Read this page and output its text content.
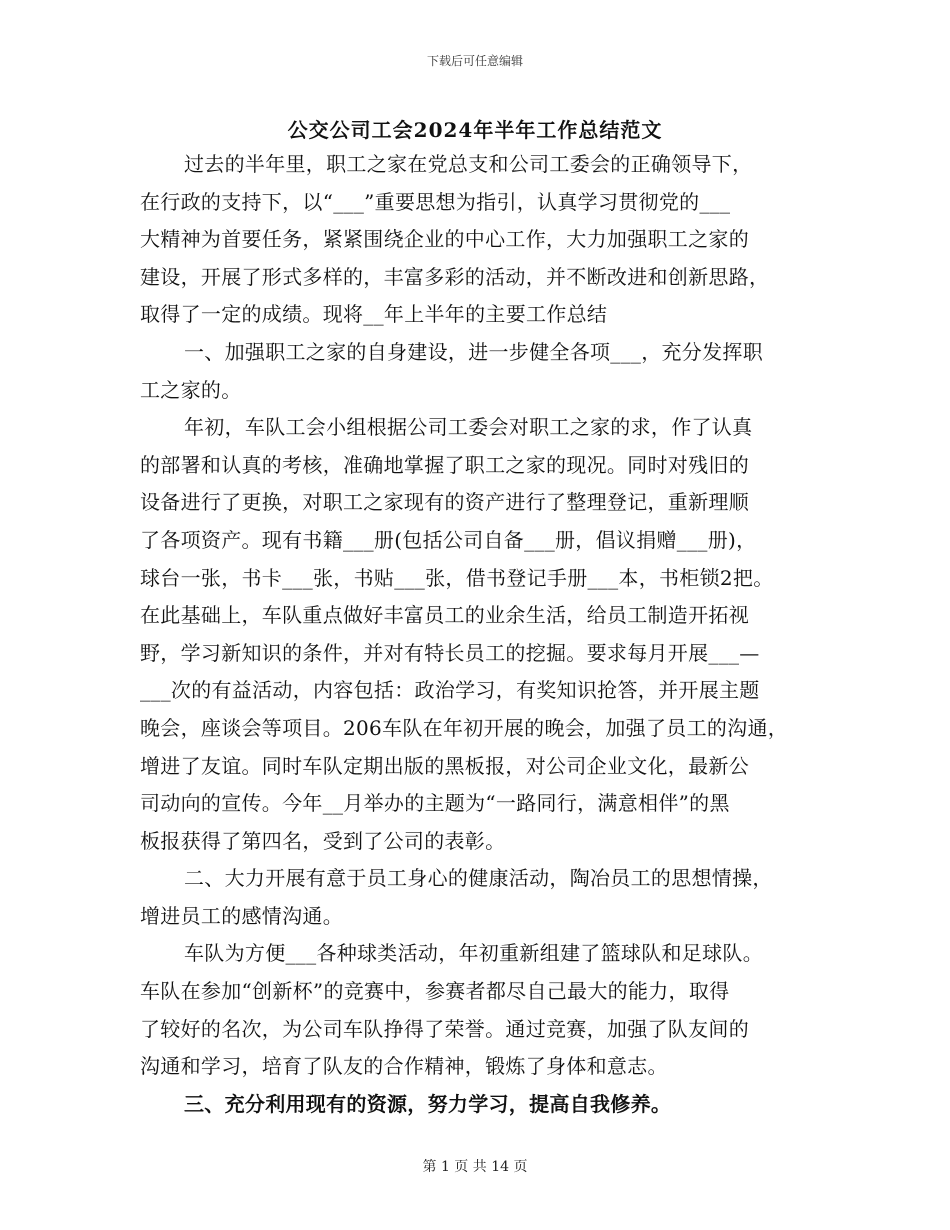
下载后可任意编辑
公交公司工会2024年半年工作总结范文
过去的半年里，职工之家在党总支和公司工委会的正确领导下，
在行政的支持下，以“___”重要思想为指引，认真学习贯彻党的___
大精神为首要任务，紧紧围绕企业的中心工作，大力加强职工之家的
建设，开展了形式多样的，丰富多彩的活动，并不断改进和创新思路，
取得了一定的成绩。现将__年上半年的主要工作总结
一、加强职工之家的自身建设，进一步健全各项___，充分发挥职
工之家的。
年初，车队工会小组根据公司工委会对职工之家的求，作了认真
的部署和认真的考核，准确地掌握了职工之家的现况。同时对残旧的
设备进行了更换，对职工之家现有的资产进行了整理登记，重新理顺
了各项资产。现有书籍___册(包括公司自备___册，倡议捐赠___册)，
球台一张，书卡___张，书贴___张，借书登记手册___本，书柜锁2把。
在此基础上，车队重点做好丰富员工的业余生活，给员工制造开拓视
野，学习新知识的条件，并对有特长员工的挖掘。要求每月开展___—
___次的有益活动，内容包括：政治学习，有奖知识抢答，并开展主题
晚会，座谈会等项目。206车队在年初开展的晚会，加强了员工的沟通，
增进了友谊。同时车队定期出版的黑板报，对公司企业文化，最新公
司动向的宣传。今年__月举办的主题为“一路同行，满意相伴”的黑
板报获得了第四名，受到了公司的表彰。
二、大力开展有意于员工身心的健康活动，陶冶员工的思想情操，
增进员工的感情沟通。
车队为方便___各种球类活动，年初重新组建了篮球队和足球队。
车队在参加“创新杯”的竞赛中，参赛者都尽自己最大的能力，取得
了较好的名次，为公司车队挣得了荣誉。通过竞赛，加强了队友间的
沟通和学习，培育了队友的合作精神，锻炼了身体和意志。
三、充分利用现有的资源，努力学习，提高自我修养。
第 1 页 共 14 页
